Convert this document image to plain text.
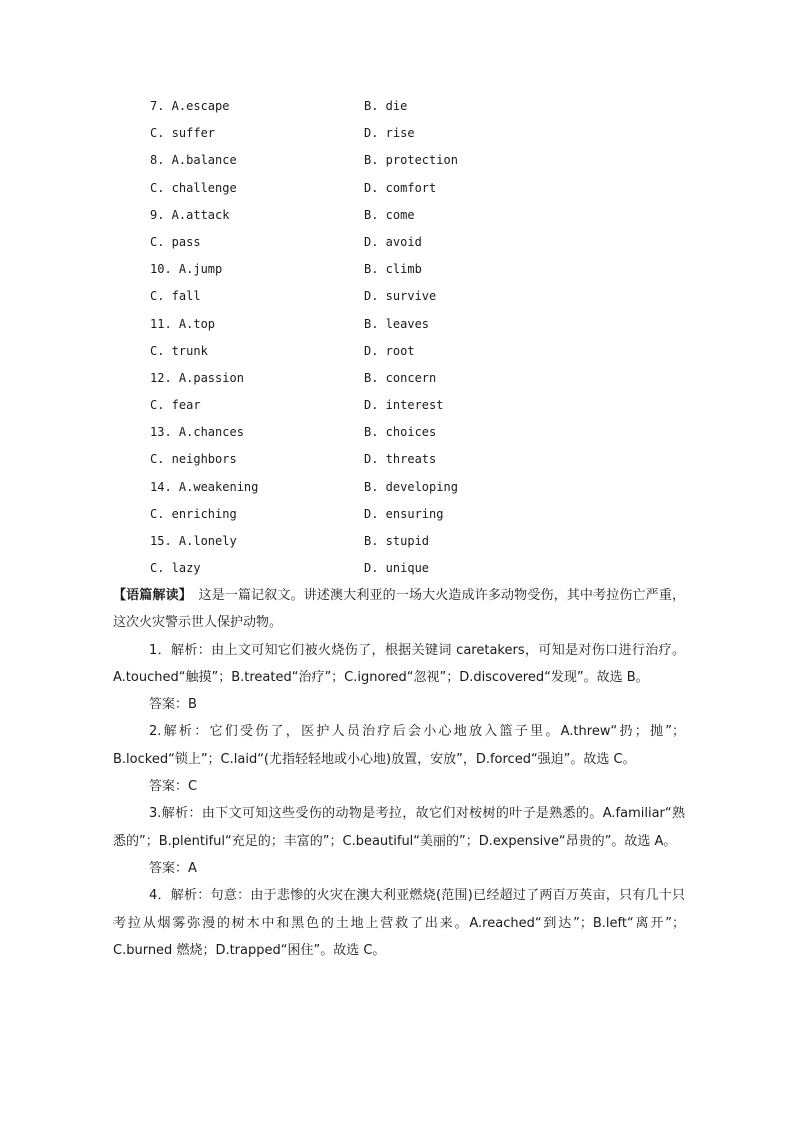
7. A.escape	B. die
C. suffer	D. rise
8. A.balance	B. protection
C. challenge	D. comfort
9. A.attack	B. come
C. pass	D. avoid
10. A.jump	B. climb
C. fall	D. survive
11. A.top	B. leaves
C. trunk	D. root
12. A.passion	B. concern
C. fear	D. interest
13. A.chances	B. choices
C. neighbors	D. threats
14. A.weakening	B. developing
C. enriching	D. ensuring
15. A.lonely	B. stupid
C. lazy	D. unique

【语篇解读】　这是一篇记叙文。讲述澳大利亚的一场大火造成许多动物受伤，其中考拉伤亡严重，这次火灾警示世人保护动物。

1．解析：由上文可知它们被火烧伤了，根据关键词 caretakers，可知是对伤口进行治疗。A.touched“触摸”；B.treated“治疗”；C.ignored“忽视”；D.discovered“发现”。故选 B。

答案：B

2.解析：它们受伤了，医护人员治疗后会小心地放入篮子里。A.threw“扔；抛”；B.locked“锁上”；C.laid“(尤指轻轻地或小心地)放置，安放”，D.forced“强迫”。故选 C。

答案：C

3.解析：由下文可知这些受伤的动物是考拉，故它们对桉树的叶子是熟悉的。A.familiar“熟悉的”；B.plentiful“充足的；丰富的”；C.beautiful“美丽的”；D.expensive“昂贵的”。故选 A。

答案：A

4．解析：句意：由于悲惨的火灾在澳大利亚燃烧(范围)已经超过了两百万英亩，只有几十只考拉从烟雾弥漫的树木中和黑色的土地上营救了出来。A.reached“到达”；B.left“离开”；C.burned 燃烧；D.trapped“困住”。故选 C。
